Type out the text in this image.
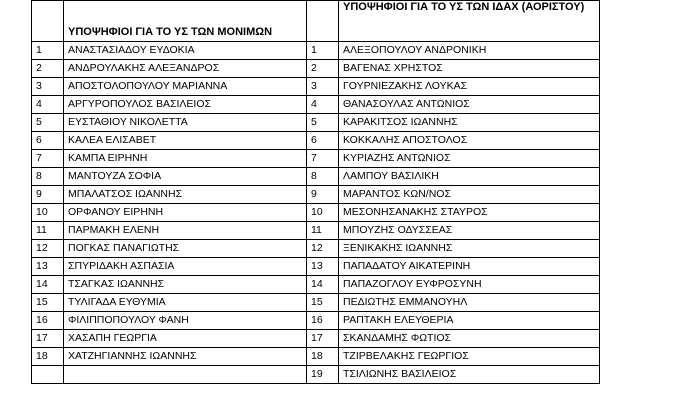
	ΥΠΟΨΗΦΙΟΙ ΓΙΑ ΤΟ ΥΣ ΤΩΝ ΜΟΝΙΜΩΝ		ΥΠΟΨΗΦΙΟΙ ΓΙΑ ΤΟ ΥΣ ΤΩΝ ΙΔΑΧ (ΑΟΡΙΣΤΟΥ)
1	ΑΝΑΣΤΑΣΙΑΔΟΥ ΕΥΔΟΚΙΑ	1	ΑΛΕΞΟΠΟΥΛΟΥ ΑΝΔΡΟΝΙΚΗ
2	ΑΝΔΡΟΥΛΑΚΗΣ ΑΛΕΞΑΝΔΡΟΣ	2	ΒΑΓΕΝΑΣ ΧΡΗΣΤΟΣ
3	ΑΠΟΣΤΟΛΟΠΟΥΛΟΥ ΜΑΡΙΑΝΝΑ	3	ΓΟΥΡΝΙΕΖΑΚΗΣ ΛΟΥΚΑΣ
4	ΑΡΓΥΡΟΠΟΥΛΟΣ ΒΑΣΙΛΕΙΟΣ	4	ΘΑΝΑΣΟΥΛΑΣ ΑΝΤΩΝΙΟΣ
5	ΕΥΣΤΑΘΙΟΥ ΝΙΚΟΛΕΤΤΑ	5	ΚΑΡΑΚΙΤΣΟΣ ΙΩΑΝΝΗΣ
6	ΚΑΛΕΑ ΕΛΙΣΑΒΕΤ	6	ΚΟΚΚΑΛΗΣ ΑΠΟΣΤΟΛΟΣ
7	ΚΑΜΠΑ ΕΙΡΗΝΗ	7	ΚΥΡΙΑΖΗΣ ΑΝΤΩΝΙΟΣ
8	ΜΑΝΤΟΥΖΑ ΣΟΦΙΑ	8	ΛΑΜΠΟΥ ΒΑΣΙΛΙΚΗ
9	ΜΠΑΛΑΤΣΟΣ ΙΩΑΝΝΗΣ	9	ΜΑΡΑΝΤΟΣ ΚΩΝ/ΝΟΣ
10	ΟΡΦΑΝΟΥ ΕΙΡΗΝΗ	10	ΜΕΣΟΝΗΣΑΝΑΚΗΣ ΣΤΑΥΡΟΣ
11	ΠΑΡΜΑΚΗ ΕΛΕΝΗ	11	ΜΠΟΥΖΗΣ ΟΔΥΣΣΕΑΣ
12	ΠΟΓΚΑΣ ΠΑΝΑΓΙΩΤΗΣ	12	ΞΕΝΙΚΑΚΗΣ ΙΩΑΝΝΗΣ
13	ΣΠΥΡΙΔΑΚΗ ΑΣΠΑΣΙΑ	13	ΠΑΠΑΔΑΤΟΥ ΑΙΚΑΤΕΡΙΝΗ
14	ΤΣΑΓΚΑΣ ΙΩΑΝΝΗΣ	14	ΠΑΠΑΖΟΓΛΟΥ ΕΥΦΡΟΣΥΝΗ
15	ΤΥΛΙΓΑΔΑ ΕΥΘΥΜΙΑ	15	ΠΕΔΙΩΤΗΣ ΕΜΜΑΝΟΥΗΛ
16	ΦΙΛΙΠΠΟΠΟΥΛΟΥ ΦΑΝΗ	16	ΡΑΠΤΑΚΗ ΕΛΕΥΘΕΡΙΑ
17	ΧΑΣΑΠΗ ΓΕΩΡΓΙΑ	17	ΣΚΑΝΔΑΜΗΣ ΦΩΤΙΟΣ
18	ΧΑΤΖΗΓΙΑΝΝΗΣ ΙΩΑΝΝΗΣ	18	ΤΖΙΡΒΕΛΑΚΗΣ ΓΕΩΡΓΙΟΣ
		19	ΤΣΙΛΙΩΝΗΣ ΒΑΣΙΛΕΙΟΣ
